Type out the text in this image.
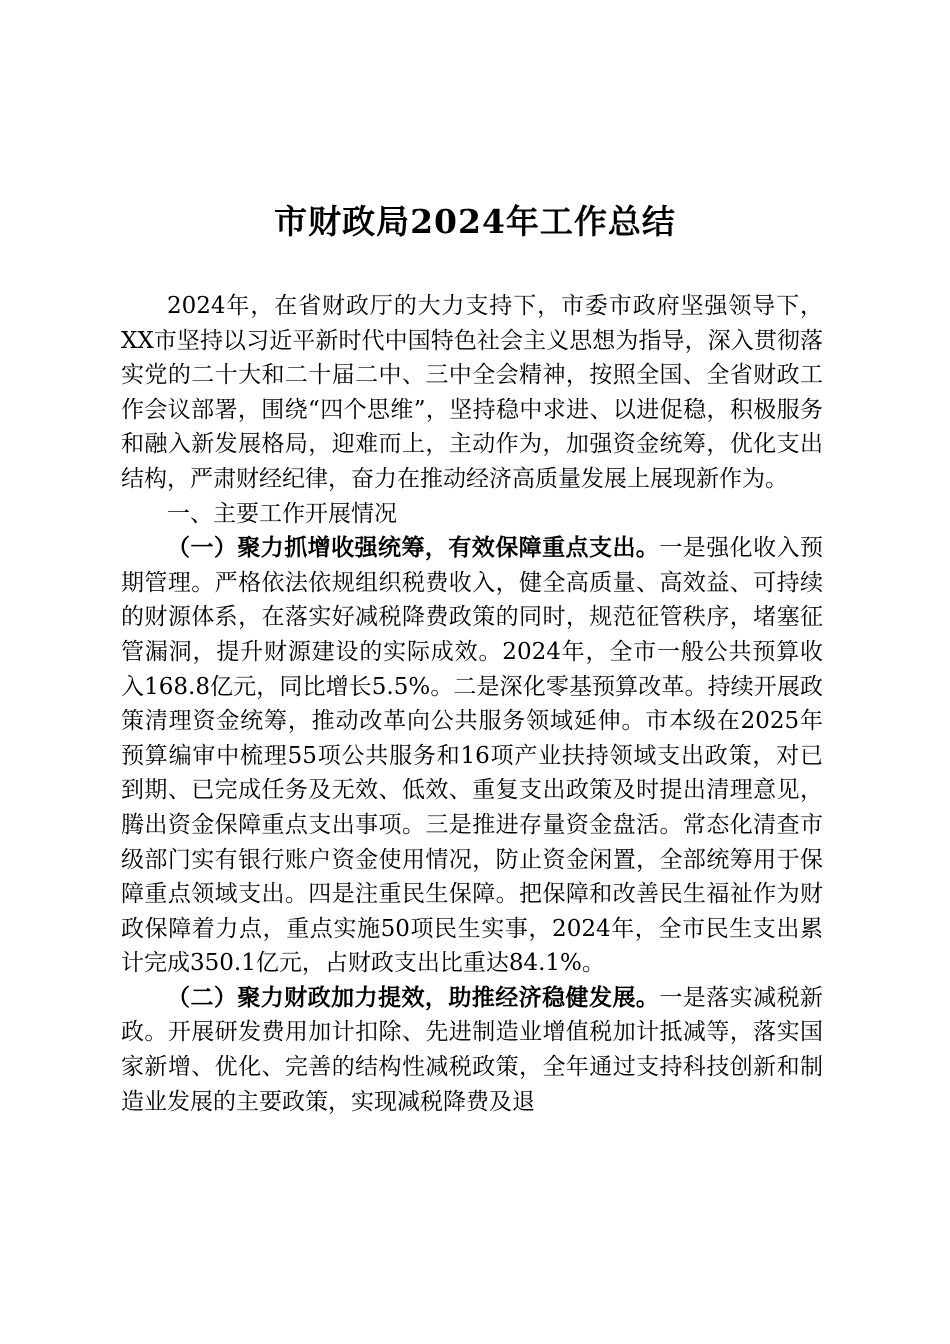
市财政局2024年工作总结

2024年，在省财政厅的大力支持下，市委市政府坚强领导下，XX市坚持以习近平新时代中国特色社会主义思想为指导，深入贯彻落实党的二十大和二十届二中、三中全会精神，按照全国、全省财政工作会议部署，围绕“四个思维”，坚持稳中求进、以进促稳，积极服务和融入新发展格局，迎难而上，主动作为，加强资金统筹，优化支出结构，严肃财经纪律，奋力在推动经济高质量发展上展现新作为。

一、主要工作开展情况

（一）聚力抓增收强统筹，有效保障重点支出。一是强化收入预期管理。严格依法依规组织税费收入，健全高质量、高效益、可持续的财源体系，在落实好减税降费政策的同时，规范征管秩序，堵塞征管漏洞，提升财源建设的实际成效。2024年，全市一般公共预算收入168.8亿元，同比增长5.5%。二是深化零基预算改革。持续开展政策清理资金统筹，推动改革向公共服务领域延伸。市本级在2025年预算编审中梳理55项公共服务和16项产业扶持领域支出政策，对已到期、已完成任务及无效、低效、重复支出政策及时提出清理意见，腾出资金保障重点支出事项。三是推进存量资金盘活。常态化清查市级部门实有银行账户资金使用情况，防止资金闲置，全部统筹用于保障重点领域支出。四是注重民生保障。把保障和改善民生福祉作为财政保障着力点，重点实施50项民生实事，2024年，全市民生支出累计完成350.1亿元，占财政支出比重达84.1%。

（二）聚力财政加力提效，助推经济稳健发展。一是落实减税新政。开展研发费用加计扣除、先进制造业增值税加计抵减等，落实国家新增、优化、完善的结构性减税政策，全年通过支持科技创新和制造业发展的主要政策，实现减税降费及退
